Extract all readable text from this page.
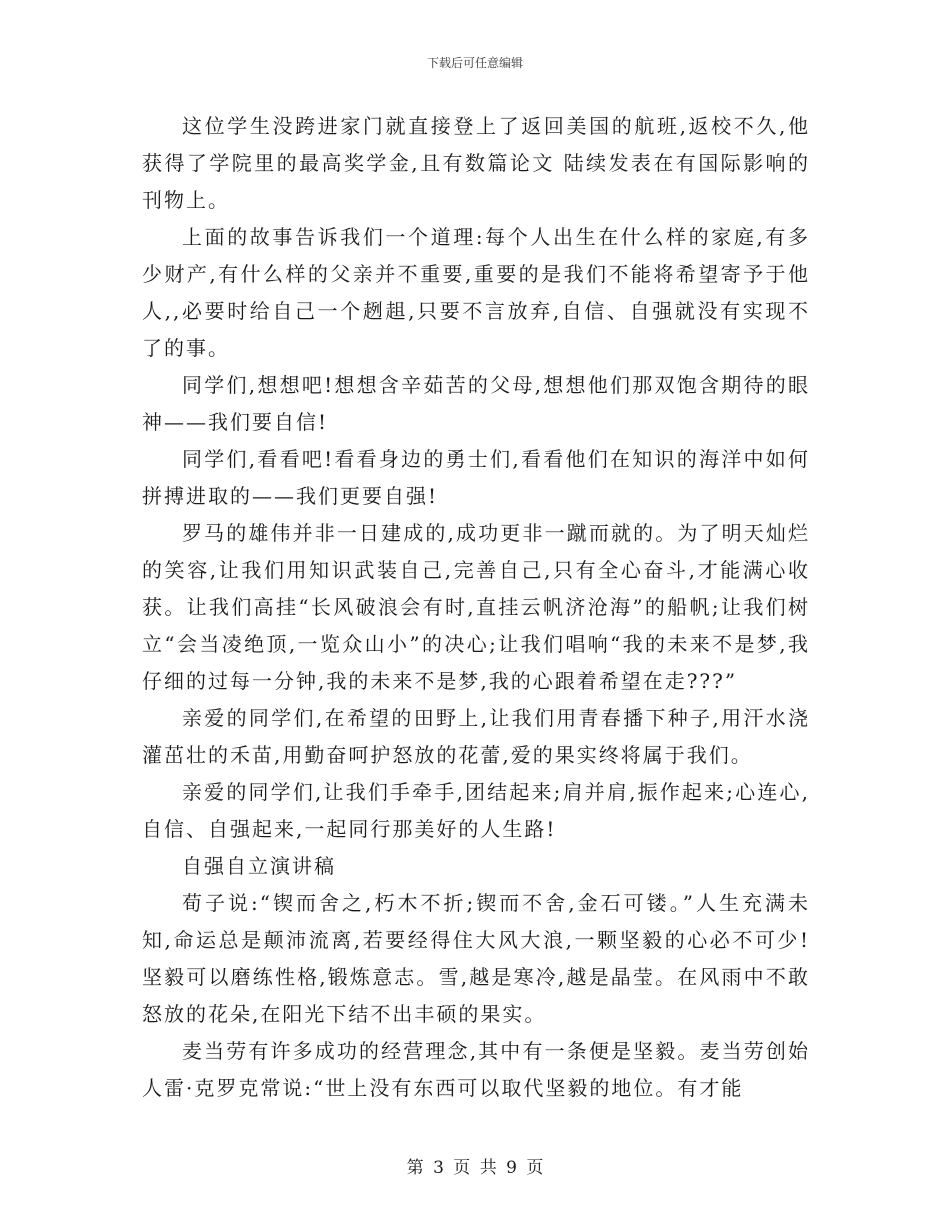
下载后可任意编辑

这位学生没跨进家门就直接登上了返回美国的航班,返校不久,他获得了学院里的最高奖学金,且有数篇论文 陆续发表在有国际影响的刊物上。

上面的故事告诉我们一个道理:每个人出生在什么样的家庭,有多少财产,有什么样的父亲并不重要,重要的是我们不能将希望寄予于他人,,必要时给自己一个趔趄,只要不言放弃,自信、自强就没有实现不了的事。

同学们,想想吧!想想含辛茹苦的父母,想想他们那双饱含期待的眼神——我们要自信!

同学们,看看吧!看看身边的勇士们,看看他们在知识的海洋中如何拼搏进取的——我们更要自强!

罗马的雄伟并非一日建成的,成功更非一蹴而就的。为了明天灿烂的笑容,让我们用知识武装自己,完善自己,只有全心奋斗,才能满心收获。让我们高挂“长风破浪会有时,直挂云帆济沧海”的船帆;让我们树立“会当凌绝顶,一览众山小”的决心;让我们唱响“我的未来不是梦,我仔细的过每一分钟,我的未来不是梦,我的心跟着希望在走???”

亲爱的同学们,在希望的田野上,让我们用青春播下种子,用汗水浇灌茁壮的禾苗,用勤奋呵护怒放的花蕾,爱的果实终将属于我们。

亲爱的同学们,让我们手牵手,团结起来;肩并肩,振作起来;心连心,自信、自强起来,一起同行那美好的人生路!

自强自立演讲稿

荀子说:“锲而舍之,朽木不折;锲而不舍,金石可镂。”人生充满未知,命运总是颠沛流离,若要经得住大风大浪,一颗坚毅的心必不可少!坚毅可以磨练性格,锻炼意志。雪,越是寒冷,越是晶莹。在风雨中不敢怒放的花朵,在阳光下结不出丰硕的果实。

麦当劳有许多成功的经营理念,其中有一条便是坚毅。麦当劳创始人雷·克罗克常说:“世上没有东西可以取代坚毅的地位。有才能

第 3 页 共 9 页
